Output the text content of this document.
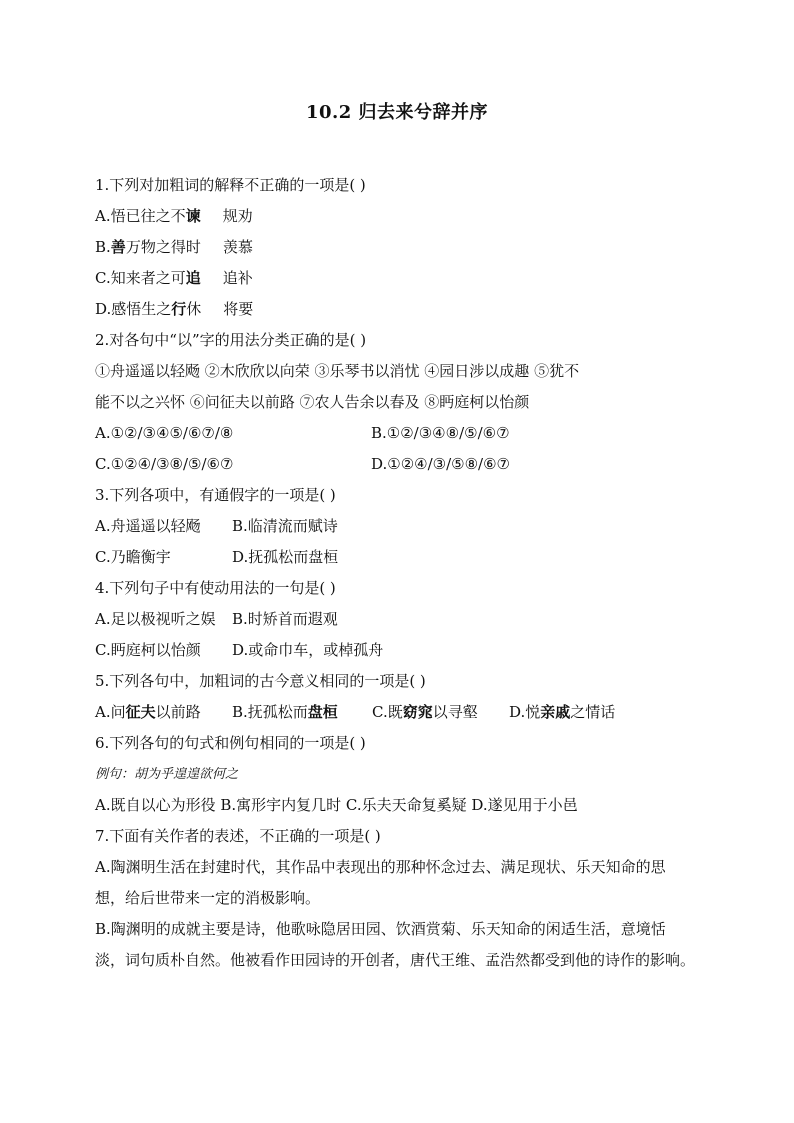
10.2 归去来兮辞并序
1.下列对加粗词的解释不正确的一项是( )
A.悟已往之不谏 规劝
B.善万物之得时 羡慕
C.知来者之可追 追补
D.感悟生之行休 将要
2.对各句中“以”字的用法分类正确的是( )
①舟遥遥以轻飏 ②木欣欣以向荣 ③乐琴书以消忧 ④园日涉以成趣 ⑤犹不
能不以之兴怀 ⑥问征夫以前路 ⑦农人告余以春及 ⑧眄庭柯以怡颜
A.①②/③④⑤/⑥⑦/⑧	B.①②/③④⑧/⑤/⑥⑦
C.①②④/③⑧/⑤/⑥⑦	D.①②④/③/⑤⑧/⑥⑦
3.下列各项中，有通假字的一项是( )
A.舟遥遥以轻飏 B.临清流而赋诗
C.乃瞻衡宇	D.抚孤松而盘桓
4.下列句子中有使动用法的一句是( )
A.足以极视听之娱 B.时矫首而遐观
C.眄庭柯以怡颜 D.或命巾车，或棹孤舟
5.下列各句中，加粗词的古今意义相同的一项是( )
A.问征夫以前路 B.抚孤松而盘桓 C.既窈窕以寻壑 D.悦亲戚之情话
6.下列各句的句式和例句相同的一项是( )
例句：胡为乎遑遑欲何之
A.既自以心为形役 B.寓形宇内复几时 C.乐夫天命复奚疑 D.遂见用于小邑
7.下面有关作者的表述，不正确的一项是( )
A.陶渊明生活在封建时代，其作品中表现出的那种怀念过去、满足现状、乐天知命的思想，给后世带来一定的消极影响。
B.陶渊明的成就主要是诗，他歌咏隐居田园、饮酒赏菊、乐天知命的闲适生活，意境恬淡，词句质朴自然。他被看作田园诗的开创者，唐代王维、孟浩然都受到他的诗作的影响。
